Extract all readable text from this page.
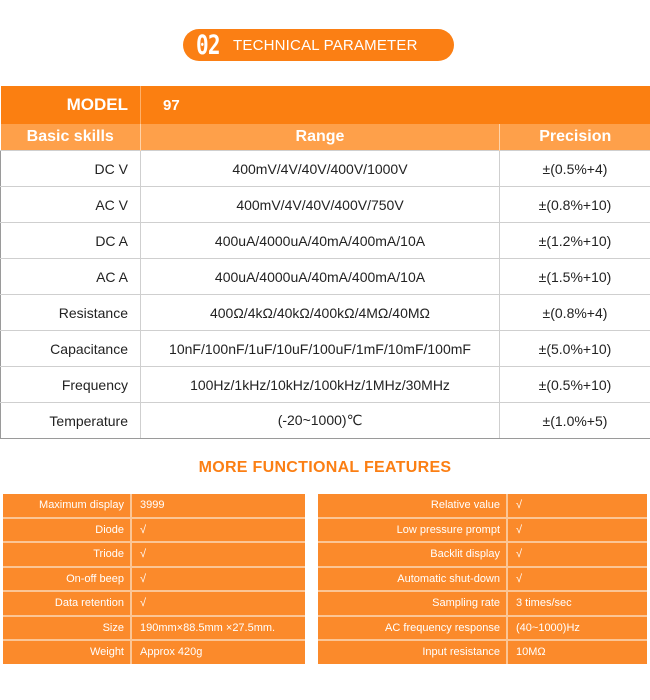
02 TECHNICAL PARAMETER
MODEL	97	
Basic skills	Range	Precision
DC V	400mV/4V/40V/400V/1000V	±(0.5%+4)
AC V	400mV/4V/40V/400V/750V	±(0.8%+10)
DC A	400uA/4000uA/40mA/400mA/10A	±(1.2%+10)
AC A	400uA/4000uA/40mA/400mA/10A	±(1.5%+10)
Resistance	400Ω/4kΩ/40kΩ/400kΩ/4MΩ/40MΩ	±(0.8%+4)
Capacitance	10nF/100nF/1uF/10uF/100uF/1mF/10mF/100mF	±(5.0%+10)
Frequency	100Hz/1kHz/10kHz/100kHz/1MHz/30MHz	±(0.5%+10)
Temperature	(-20~1000)℃	±(1.0%+5)
MORE FUNCTIONAL FEATURES
Maximum display	3999
Diode	√
Triode	√
On-off beep	√
Data retention	√
Size	190mm×88.5mm ×27.5mm.
Weight	Approx 420g
Relative value	√
Low pressure prompt	√
Backlit display	√
Automatic shut-down	√
Sampling rate	3 times/sec
AC frequency response	(40~1000)Hz
Input resistance	10MΩ
